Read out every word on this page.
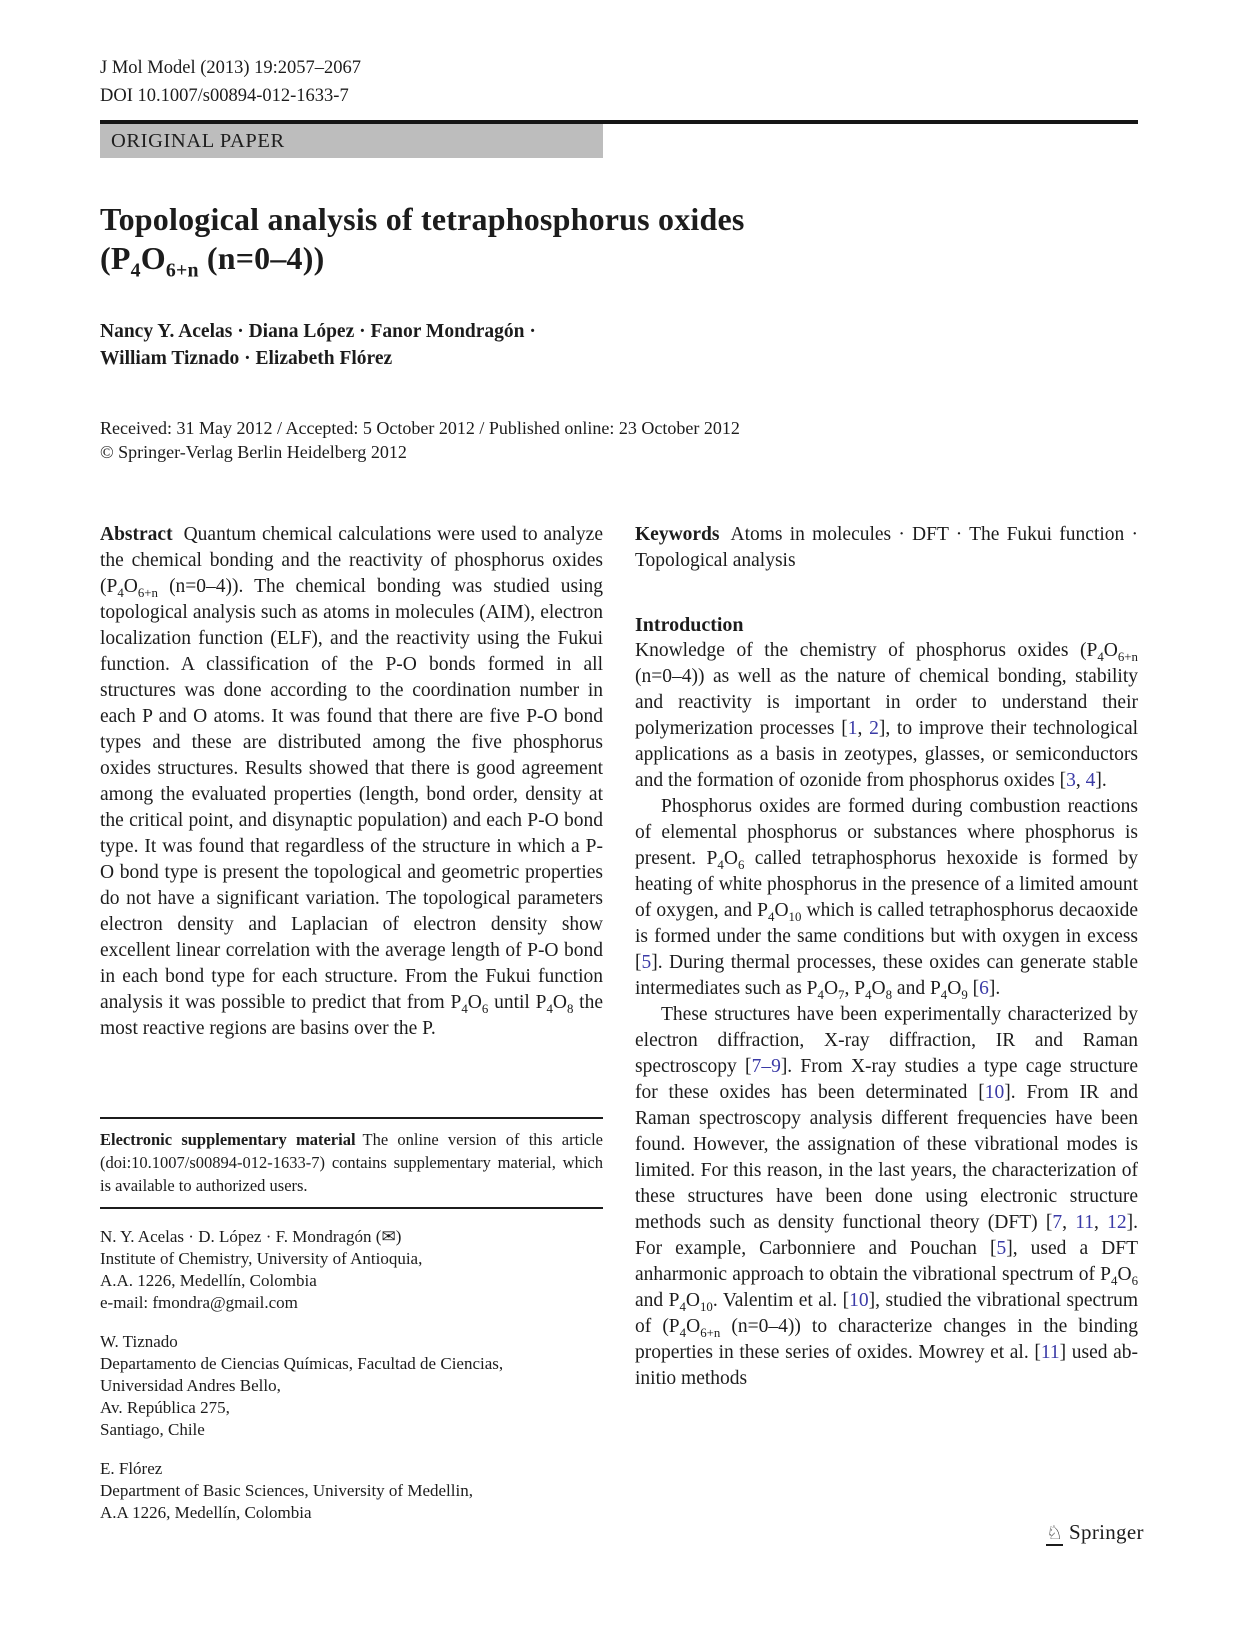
J Mol Model (2013) 19:2057–2067
DOI 10.1007/s00894-012-1633-7
ORIGINAL PAPER
Topological analysis of tetraphosphorus oxides
($P_4O_{6+n}$ (n=0–4))
Nancy Y. Acelas · Diana López · Fanor Mondragón ·
William Tiznado · Elizabeth Flórez
Received: 31 May 2012 / Accepted: 5 October 2012 / Published online: 23 October 2012
© Springer-Verlag Berlin Heidelberg 2012

Abstract Quantum chemical calculations were used to analyze the chemical bonding and the reactivity of phosphorus oxides ($P_4O_{6+n}$ (n=0–4)). The chemical bonding was studied using topological analysis such as atoms in molecules (AIM), electron localization function (ELF), and the reactivity using the Fukui function. A classification of the P-O bonds formed in all structures was done according to the coordination number in each P and O atoms. It was found that there are five P-O bond types and these are distributed among the five phosphorus oxides structures. Results showed that there is good agreement among the evaluated properties (length, bond order, density at the critical point, and disynaptic population) and each P-O bond type. It was found that regardless of the structure in which a P-O bond type is present the topological and geometric properties do not have a significant variation. The topological parameters electron density and Laplacian of electron density show excellent linear correlation with the average length of P-O bond in each bond type for each structure. From the Fukui function analysis it was possible to predict that from $P_4O_6$ until $P_4O_8$ the most reactive regions are basins over the P.

Keywords Atoms in molecules · DFT · The Fukui function · Topological analysis

Introduction

Knowledge of the chemistry of phosphorus oxides ($P_4O_{6+n}$ (n=0–4)) as well as the nature of chemical bonding, stability and reactivity is important in order to understand their polymerization processes [1, 2], to improve their technological applications as a basis in zeotypes, glasses, or semiconductors and the formation of ozonide from phosphorus oxides [3, 4].

Phosphorus oxides are formed during combustion reactions of elemental phosphorus or substances where phosphorus is present. $P_4O_6$ called tetraphosphorus hexoxide is formed by heating of white phosphorus in the presence of a limited amount of oxygen, and $P_4O_{10}$ which is called tetraphosphorus decaoxide is formed under the same conditions but with oxygen in excess [5]. During thermal processes, these oxides can generate stable intermediates such as $P_4O_7$, $P_4O_8$ and $P_4O_9$ [6].

These structures have been experimentally characterized by electron diffraction, X-ray diffraction, IR and Raman spectroscopy [7–9]. From X-ray studies a type cage structure for these oxides has been determinated [10]. From IR and Raman spectroscopy analysis different frequencies have been found. However, the assignation of these vibrational modes is limited. For this reason, in the last years, the characterization of these structures have been done using electronic structure methods such as density functional theory (DFT) [7, 11, 12]. For example, Carbonniere and Pouchan [5], used a DFT anharmonic approach to obtain the vibrational spectrum of $P_4O_6$ and $P_4O_{10}$. Valentim et al. [10], studied the vibrational spectrum of ($P_4O_{6+n}$ (n=0–4)) to characterize changes in the binding properties in these series of oxides. Mowrey et al. [11] used ab-initio methods

Electronic supplementary material The online version of this article (doi:10.1007/s00894-012-1633-7) contains supplementary material, which is available to authorized users.
N. Y. Acelas · D. López · F. Mondragón (✉)
Institute of Chemistry, University of Antioquia,
A.A. 1226, Medellín, Colombia
e-mail: fmondra@gmail.com
W. Tiznado
Departamento de Ciencias Químicas, Facultad de Ciencias,
Universidad Andres Bello,
Av. República 275,
Santiago, Chile
E. Flórez
Department of Basic Sciences, University of Medellin,
A.A 1226, Medellín, Colombia
♘ Springer
